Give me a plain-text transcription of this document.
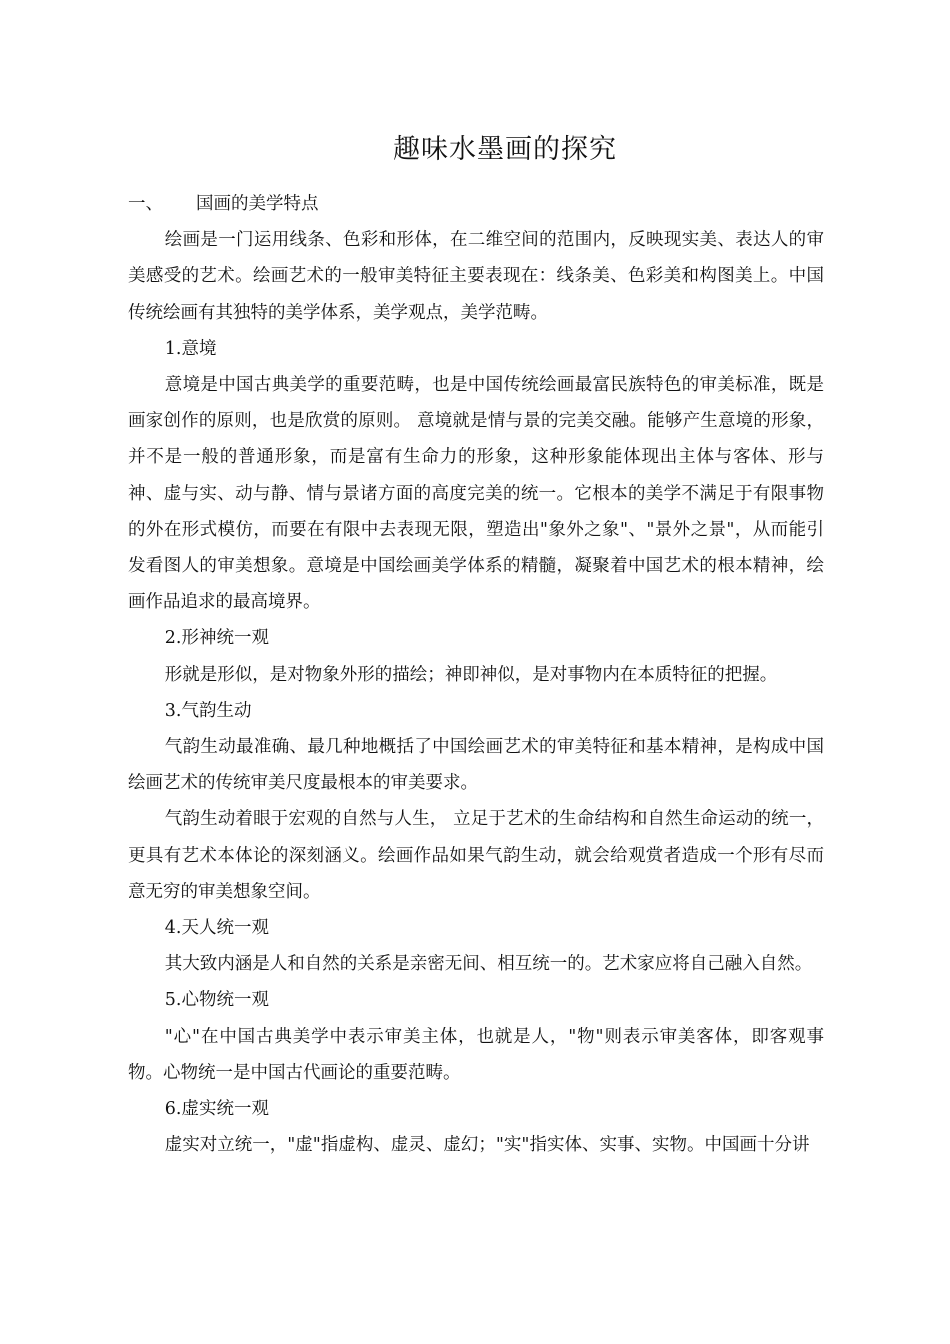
趣味水墨画的探究

一、 国画的美学特点

绘画是一门运用线条、色彩和形体，在二维空间的范围内，反映现实美、表达人的审美感受的艺术。绘画艺术的一般审美特征主要表现在：线条美、色彩美和构图美上。中国传统绘画有其独特的美学体系，美学观点，美学范畴。

1.意境

意境是中国古典美学的重要范畴，也是中国传统绘画最富民族特色的审美标准，既是画家创作的原则，也是欣赏的原则。 意境就是情与景的完美交融。能够产生意境的形象，并不是一般的普通形象，而是富有生命力的形象，这种形象能体现出主体与客体、形与神、虚与实、动与静、情与景诸方面的高度完美的统一。它根本的美学不满足于有限事物的外在形式模仿，而要在有限中去表现无限，塑造出"象外之象"、"景外之景"，从而能引发看图人的审美想象。意境是中国绘画美学体系的精髓，凝聚着中国艺术的根本精神，绘画作品追求的最高境界。

2.形神统一观

形就是形似，是对物象外形的描绘；神即神似，是对事物内在本质特征的把握。

3.气韵生动

气韵生动最准确、最几种地概括了中国绘画艺术的审美特征和基本精神，是构成中国绘画艺术的传统审美尺度最根本的审美要求。

气韵生动着眼于宏观的自然与人生， 立足于艺术的生命结构和自然生命运动的统一，更具有艺术本体论的深刻涵义。绘画作品如果气韵生动，就会给观赏者造成一个形有尽而意无穷的审美想象空间。

4.天人统一观

其大致内涵是人和自然的关系是亲密无间、相互统一的。艺术家应将自己融入自然。

5.心物统一观

"心"在中国古典美学中表示审美主体，也就是人，"物"则表示审美客体，即客观事物。心物统一是中国古代画论的重要范畴。

6.虚实统一观

虚实对立统一，"虚"指虚构、虚灵、虚幻；"实"指实体、实事、实物。中国画十分讲
